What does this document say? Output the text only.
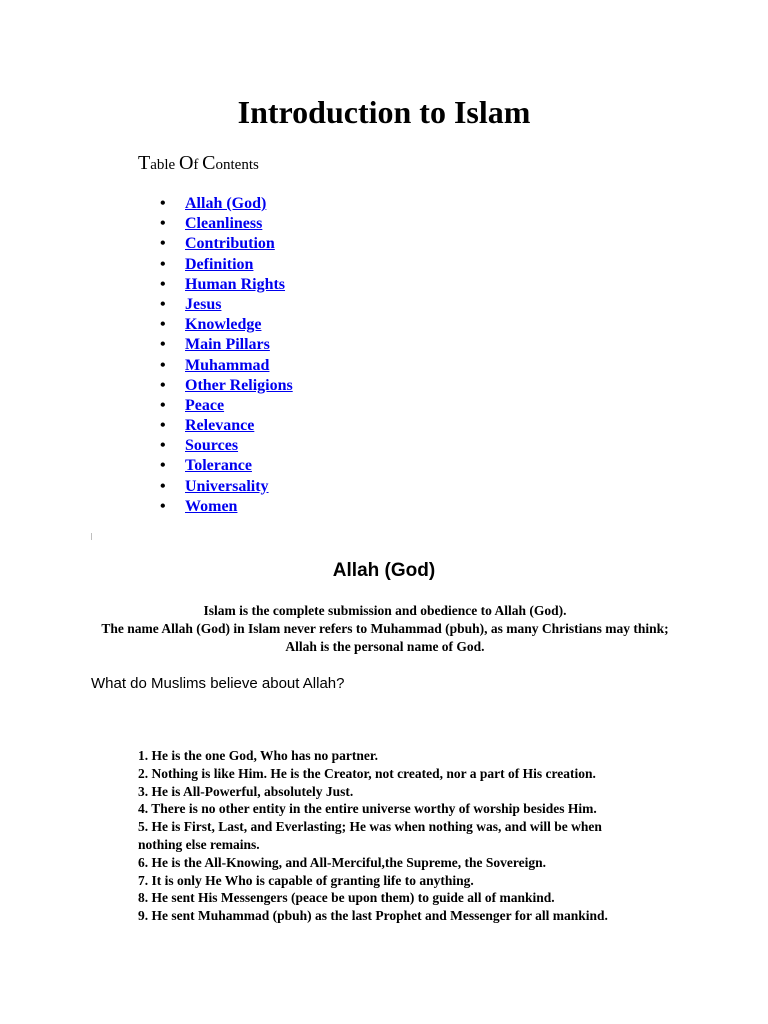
Introduction to Islam
Table Of Contents
• Allah (God)
• Cleanliness
• Contribution
• Definition
• Human Rights
• Jesus
• Knowledge
• Main Pillars
• Muhammad
• Other Religions
• Peace
• Relevance
• Sources
• Tolerance
• Universality
• Women
Allah (God)

Islam is the complete submission and obedience to Allah (God).

The name Allah (God) in Islam never refers to Muhammad (pbuh), as many Christians may think; Allah is the personal name of God.

What do Muslims believe about Allah?

1. He is the one God, Who has no partner.

2. Nothing is like Him. He is the Creator, not created, nor a part of His creation.

3. He is All-Powerful, absolutely Just.

4. There is no other entity in the entire universe worthy of worship besides Him.

5. He is First, Last, and Everlasting; He was when nothing was, and will be when nothing else remains.

6. He is the All-Knowing, and All-Merciful,the Supreme, the Sovereign.

7. It is only He Who is capable of granting life to anything.

8. He sent His Messengers (peace be upon them) to guide all of mankind.

9. He sent Muhammad (pbuh) as the last Prophet and Messenger for all mankind.
